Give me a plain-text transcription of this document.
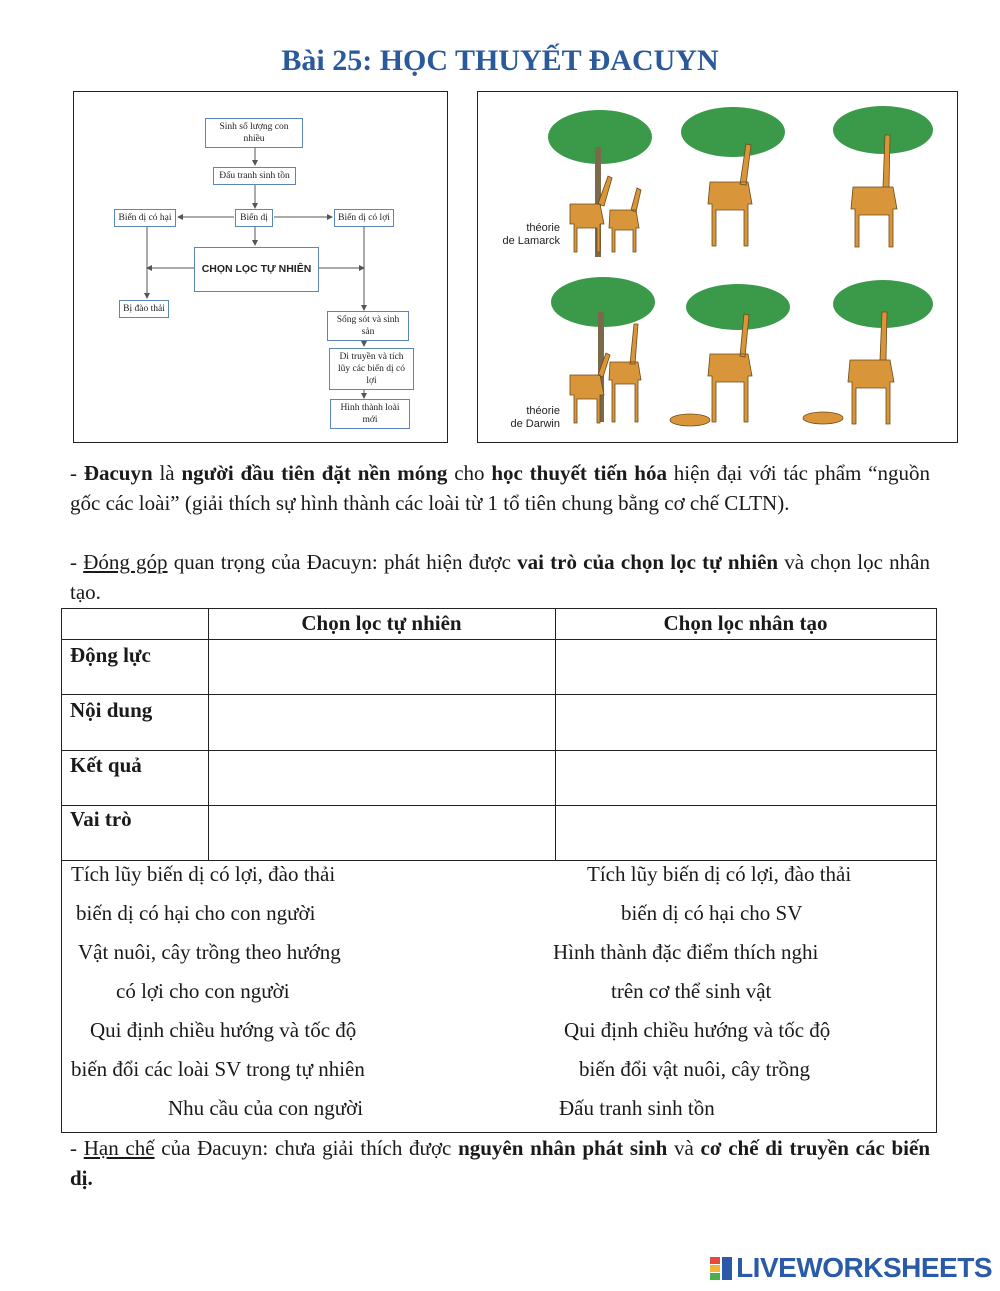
Bài 25: HỌC THUYẾT ĐACUYN
Sinh số lượng con nhiều
Đấu tranh sinh tồn
Biến dị có hại	Biến dị	Biến dị có lợi
CHỌN LỌC TỰ NHIÊN
Bị đào thải
Sống sót và sinh sản
Di truyền và tích lũy các biến dị có lợi
Hình thành loài mới
théorie
de Lamarck
théorie
de Darwin
- Đacuyn là người đầu tiên đặt nền móng cho học thuyết tiến hóa hiện đại với tác phẩm “nguồn gốc các loài” (giải thích sự hình thành các loài từ 1 tổ tiên chung bằng cơ chế CLTN).
- Đóng góp quan trọng của Đacuyn: phát hiện được vai trò của chọn lọc tự nhiên và chọn lọc nhân tạo.
Chọn lọc tự nhiên	Chọn lọc nhân tạo
Động lực
Nội dung
Kết quả
Vai trò
Tích lũy biến dị có lợi, đào thải	Tích lũy biến dị có lợi, đào thải
biến dị có hại cho con người	biến dị có hại cho SV
Vật nuôi, cây trồng theo hướng	Hình thành đặc điểm thích nghi
có lợi cho con người	trên cơ thể sinh vật
Qui định chiều hướng và tốc độ	Qui định chiều hướng và tốc độ
biến đổi các loài SV trong tự nhiên	biến đổi vật nuôi, cây trồng
Nhu cầu của con người	Đấu tranh sinh tồn
- Hạn chế của Đacuyn: chưa giải thích được nguyên nhân phát sinh và cơ chế di truyền các biến dị.
LIVEWORKSHEETS
